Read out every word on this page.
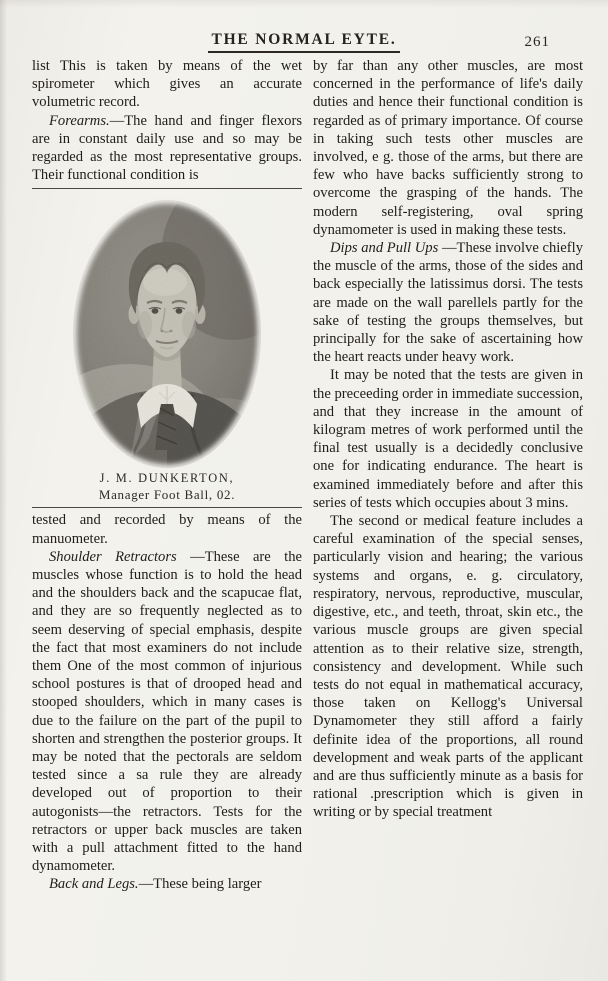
THE NORMAL EYTE.	261

list This is taken by means of the wet spirometer which gives an accurate volumetric record.

Forearms.—The hand and finger flexors are in constant daily use and so may be regarded as the most representative groups. Their functional condition is

J. M. DUNKERTON,
Manager Foot Ball, 02.

tested and recorded by means of the manuometer.

Shoulder Retractors —These are the muscles whose function is to hold the head and the shoulders back and the scapucae flat, and they are so frequently neglected as to seem deserving of special emphasis, despite the fact that most examiners do not include them One of the most common of injurious school postures is that of drooped head and stooped shoulders, which in many cases is due to the failure on the part of the pupil to shorten and strengthen the posterior groups. It may be noted that the pectorals are seldom tested since a sa rule they are already developed out of proportion to their autogonists—the retractors. Tests for the retractors or upper back muscles are taken with a pull attachment fitted to the hand dynamometer.

Back and Legs.—These being larger

by far than any other muscles, are most concerned in the performance of life's daily duties and hence their functional condition is regarded as of primary importance. Of course in taking such tests other muscles are involved, e g. those of the arms, but there are few who have backs sufficiently strong to overcome the grasping of the hands. The modern self-registering, oval spring dynamometer is used in making these tests.

Dips and Pull Ups —These involve chiefly the muscle of the arms, those of the sides and back especially the latissimus dorsi. The tests are made on the wall parellels partly for the sake of testing the groups themselves, but principally for the sake of ascertaining how the heart reacts under heavy work.

It may be noted that the tests are given in the preceeding order in immediate succession, and that they increase in the amount of kilogram metres of work performed until the final test usually is a decidedly conclusive one for indicating endurance. The heart is examined immediately before and after this series of tests which occupies about 3 mins.

The second or medical feature includes a careful examination of the special senses, particularly vision and hearing; the various systems and organs, e. g. circulatory, respiratory, nervous, reproductive, muscular, digestive, etc., and teeth, throat, skin etc., the various muscle groups are given special attention as to their relative size, strength, consistency and development. While such tests do not equal in mathematical accuracy, those taken on Kellogg's Universal Dynamometer they still afford a fairly definite idea of the proportions, all round development and weak parts of the applicant and are thus sufficiently minute as a basis for rational .prescription which is given in writing or by special treatment
